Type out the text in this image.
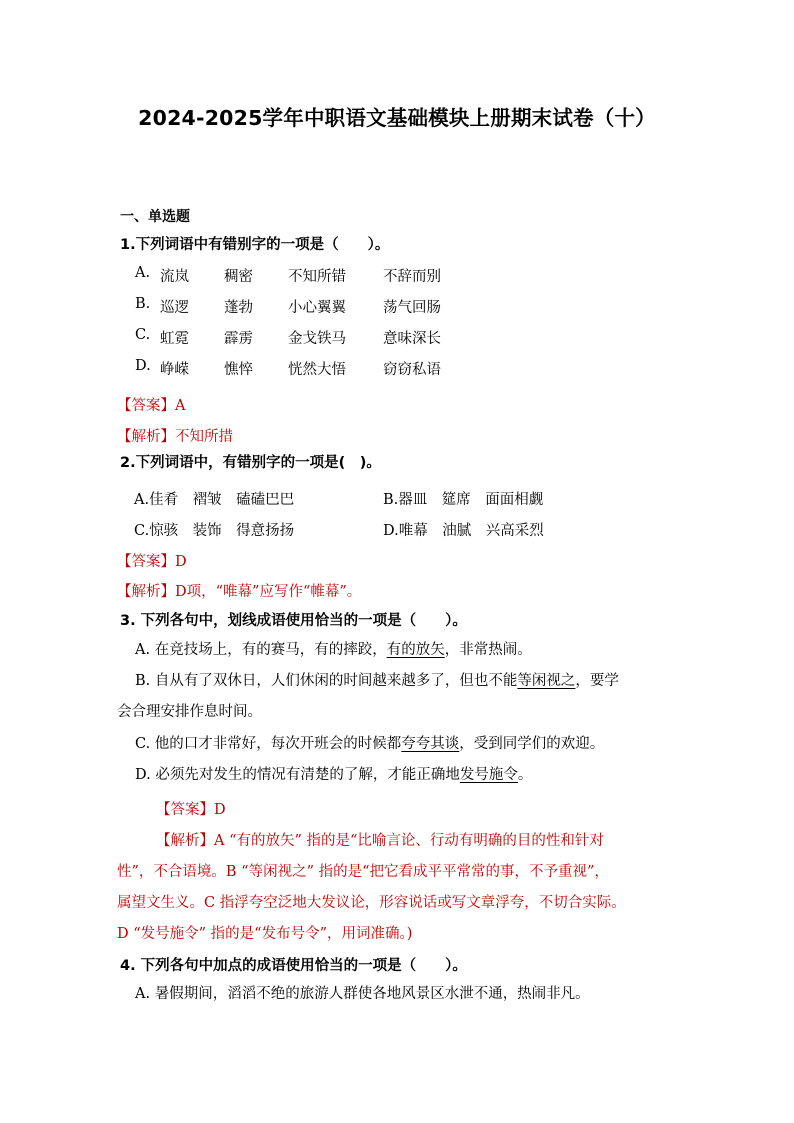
2024-2025学年中职语文基础模块上册期末试卷（十）
一、单选题
1.下列词语中有错别字的一项是（　　）。
A. 流岚 稠密 不知所错	不辞而别
B. 巡逻 蓬勃 小心翼翼	荡气回肠
C. 虹霓 霹雳 金戈铁马	意味深长
D. 峥嵘 憔悴 恍然大悟	窃窃私语
【答案】A
【解析】不知所措
2.下列词语中，有错别字的一项是(　)。
A.佳肴　褶皱　磕磕巴巴	B.器皿　筵席　面面相觑
C.惊骇　装饰　得意扬扬	D.唯幕　油腻　兴高采烈
【答案】D
【解析】D项，“唯幕”应写作“帷幕”。
3. 下列各句中，划线成语使用恰当的一项是（　　）。
A. 在竞技场上，有的赛马，有的摔跤，有的放矢，非常热闹。
B. 自从有了双休日，人们休闲的时间越来越多了，但也不能等闲视之，要学
会合理安排作息时间。
C. 他的口才非常好，每次开班会的时候都夸夸其谈，受到同学们的欢迎。
D. 必须先对发生的情况有清楚的了解，才能正确地发号施令。
【答案】D
【解析】A “有的放矢” 指的是“比喻言论、行动有明确的目的性和针对
性”，不合语境。B “等闲视之” 指的是“把它看成平平常常的事，不予重视”，
属望文生义。C 指浮夸空泛地大发议论，形容说话或写文章浮夸，不切合实际。
D “发号施令” 指的是“发布号令”，用词准确。)
4. 下列各句中加点的成语使用恰当的一项是（　　）。
A. 暑假期间，滔滔不绝的旅游人群使各地风景区水泄不通，热闹非凡。
